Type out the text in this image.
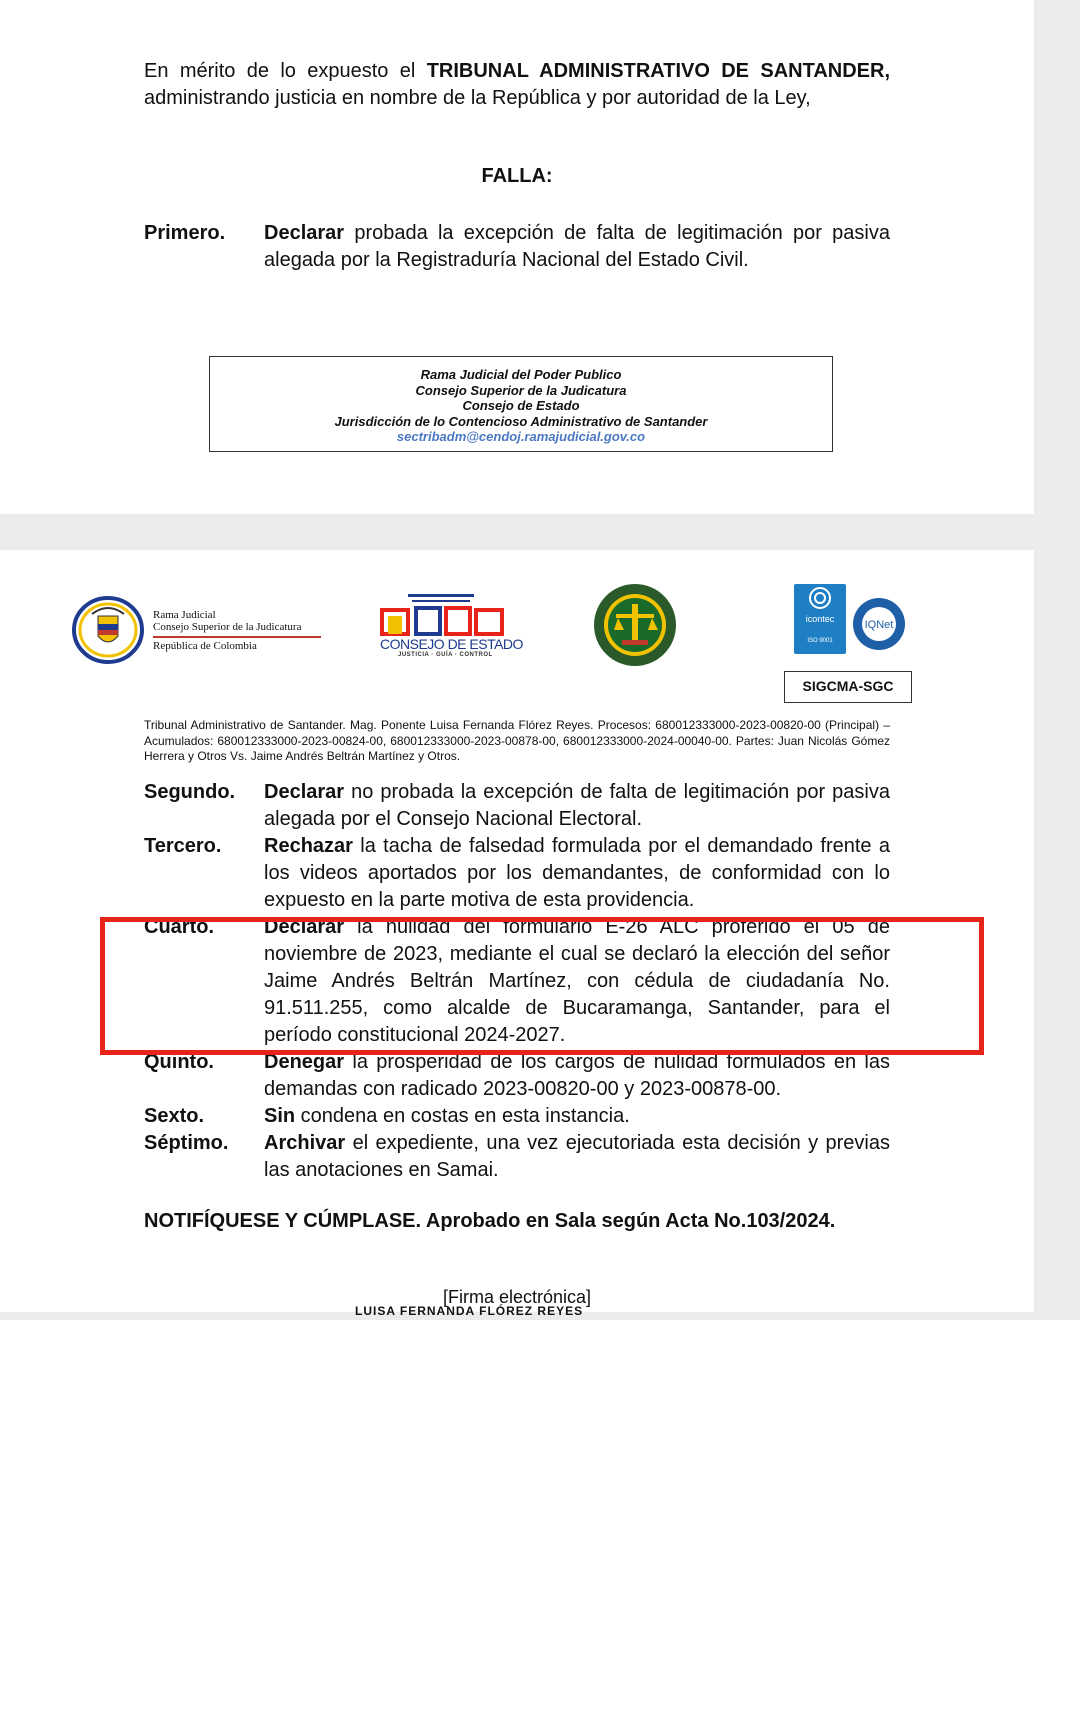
En mérito de lo expuesto el TRIBUNAL ADMINISTRATIVO DE SANTANDER,
administrando justicia en nombre de la República y por autoridad de la Ley,
FALLA:
Primero.	Declarar probada la excepción de falta de legitimación por pasiva alegada por la Registraduría Nacional del Estado Civil.
Rama Judicial del Poder Publico
Consejo Superior de la Judicatura
Consejo de Estado
Jurisdicción de lo Contencioso Administrativo de Santander
sectribadm@cendoj.ramajudicial.gov.co
Rama Judicial
Consejo Superior de la Judicatura
República de Colombia	CONSEJO DE ESTADO
JUSTICIA · GUÍA · CONTROL
icontec
ISO 9001
IQNet
SIGCMA-SGC
Tribunal Administrativo de Santander. Mag. Ponente Luisa Fernanda Flórez Reyes. Procesos: 680012333000-2023-00820-00 (Principal) – Acumulados: 680012333000-2023-00824-00, 680012333000-2023-00878-00, 680012333000-2024-00040-00. Partes: Juan Nicolás Gómez Herrera y Otros Vs. Jaime Andrés Beltrán Martínez y Otros.
Segundo.	Declarar no probada la excepción de falta de legitimación por pasiva alegada por el Consejo Nacional Electoral.
Tercero.	Rechazar la tacha de falsedad formulada por el demandado frente a los videos aportados por los demandantes, de conformidad con lo expuesto en la parte motiva de esta providencia.
Cuarto.	Declarar la nulidad del formulario E-26 ALC proferido el 05 de noviembre de 2023, mediante el cual se declaró la elección del señor Jaime Andrés Beltrán Martínez, con cédula de ciudadanía No. 91.511.255, como alcalde de Bucaramanga, Santander, para el período constitucional 2024-2027.
Quinto.	Denegar la prosperidad de los cargos de nulidad formulados en las demandas con radicado 2023-00820-00 y 2023-00878-00.
Sexto.	Sin condena en costas en esta instancia.
Séptimo.	Archivar el expediente, una vez ejecutoriada esta decisión y previas las anotaciones en Samai.
NOTIFÍQUESE Y CÚMPLASE. Aprobado en Sala según Acta No.103/2024.
[Firma electrónica]
LUISA FERNANDA FLÓREZ REYES
